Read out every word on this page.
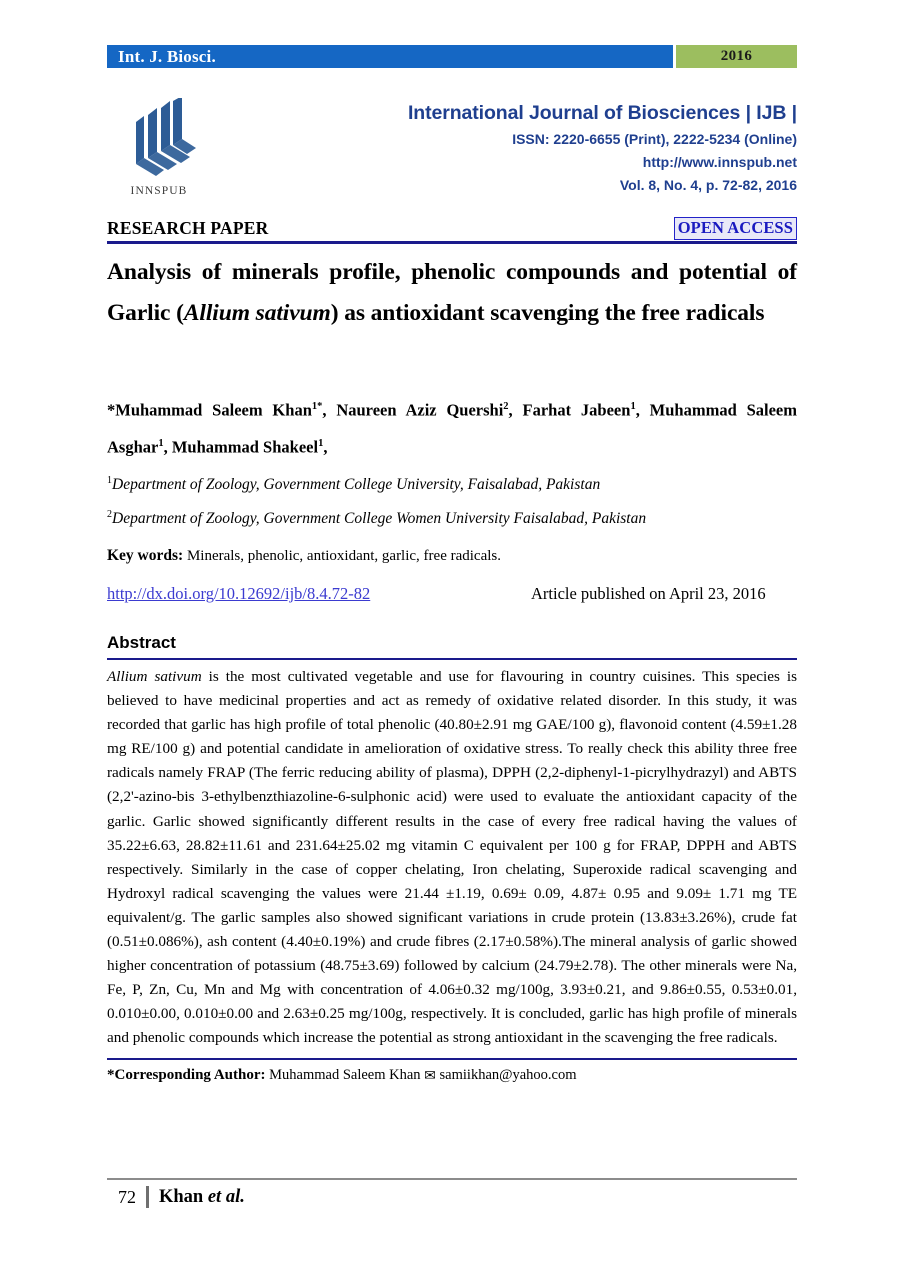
Int. J. Biosci.	2016
INNSPUB
International Journal of Biosciences | IJB |
ISSN: 2220-6655 (Print), 2222-5234 (Online)
http://www.innspub.net
Vol. 8, No. 4, p. 72-82, 2016
RESEARCH PAPER	OPEN ACCESS
Analysis of minerals profile, phenolic compounds and potential of Garlic (Allium sativum) as antioxidant scavenging the free radicals
*Muhammad Saleem Khan$^{1*}$, Naureen Aziz Quershi$^2$, Farhat Jabeen$^1$, Muhammad Saleem Asghar$^1$, Muhammad Shakeel$^1$,
$^1$Department of Zoology, Government College University, Faisalabad, Pakistan
$^2$Department of Zoology, Government College Women University Faisalabad, Pakistan
Key words: Minerals, phenolic, antioxidant, garlic, free radicals.
http://dx.doi.org/10.12692/ijb/8.4.72-82	Article published on April 23, 2016
Abstract
Allium sativum is the most cultivated vegetable and use for flavouring in country cuisines. This species is believed to have medicinal properties and act as remedy of oxidative related disorder. In this study, it was recorded that garlic has high profile of total phenolic (40.80±2.91 mg GAE/100 g), flavonoid content (4.59±1.28 mg RE/100 g) and potential candidate in amelioration of oxidative stress. To really check this ability three free radicals namely FRAP (The ferric reducing ability of plasma), DPPH (2,2-diphenyl-1-picrylhydrazyl) and ABTS (2,2'-azino-bis 3-ethylbenzthiazoline-6-sulphonic acid) were used to evaluate the antioxidant capacity of the garlic. Garlic showed significantly different results in the case of every free radical having the values of 35.22±6.63, 28.82±11.61 and 231.64±25.02 mg vitamin C equivalent per 100 g for FRAP, DPPH and ABTS respectively. Similarly in the case of copper chelating, Iron chelating, Superoxide radical scavenging and Hydroxyl radical scavenging the values were 21.44 ±1.19, 0.69± 0.09, 4.87± 0.95 and 9.09± 1.71 mg TE equivalent/g. The garlic samples also showed significant variations in crude protein (13.83±3.26%), crude fat (0.51±0.086%), ash content (4.40±0.19%) and crude fibres (2.17±0.58%).The mineral analysis of garlic showed higher concentration of potassium (48.75±3.69) followed by calcium (24.79±2.78). The other minerals were Na, Fe, P, Zn, Cu, Mn and Mg with concentration of 4.06±0.32 mg/100g, 3.93±0.21, and 9.86±0.55, 0.53±0.01, 0.010±0.00, 0.010±0.00 and 2.63±0.25 mg/100g, respectively. It is concluded, garlic has high profile of minerals and phenolic compounds which increase the potential as strong antioxidant in the scavenging the free radicals.
*Corresponding Author: Muhammad Saleem Khan ✉ samiikhan@yahoo.com
72	Khan et al.
